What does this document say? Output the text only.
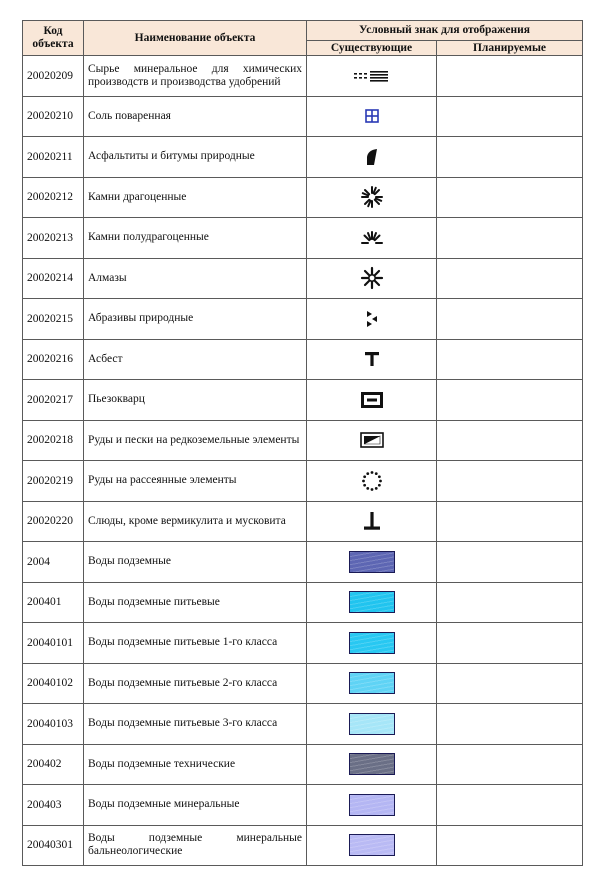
Код объекта	Наименование объекта	Условный знак для отображения	
		Существующие	Планируемые
20020209	Сырье минеральное для химических производств и производства удобрений		
20020210	Соль поваренная		
20020211	Асфальтиты и битумы природные		
20020212	Камни драгоценные		
20020213	Камни полудрагоценные		
20020214	Алмазы		
20020215	Абразивы природные		
20020216	Асбест		
20020217	Пьезокварц		
20020218	Руды и пески на редкоземельные элементы		
20020219	Руды на рассеянные элементы		
20020220	Слюды, кроме вермикулита и мусковита		
2004	Воды подземные		
200401	Воды подземные питьевые		
20040101	Воды подземные питьевые 1-го класса		
20040102	Воды подземные питьевые 2-го класса		
20040103	Воды подземные питьевые 3-го класса		
200402	Воды подземные технические		
200403	Воды подземные минеральные		
20040301	Воды подземные минеральные бальнеологические		
